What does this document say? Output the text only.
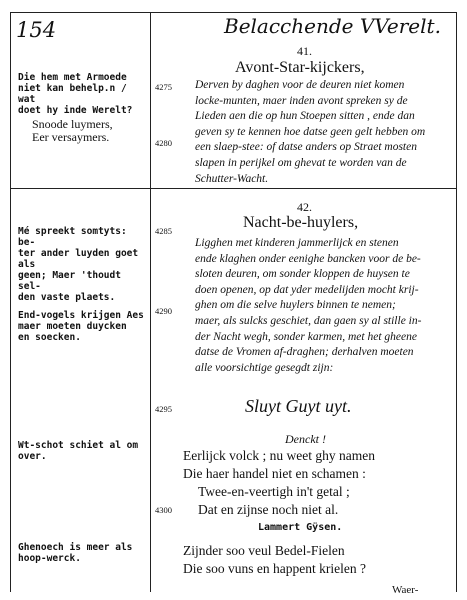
154	Belacchende VVerelt.
Die hem met Armoede
niet kan behelp.n / wat
doet hy inde Werelt?
Snoode luymers,
Eer versaymers.
Mé spreekt somtyts: be-
ter ander luyden goet als
geen; Maer 'thoudt sel-
den vaste plaets.
End-vogels krijgen Aes
maer moeten duycken
en soecken.
Wt-schot schiet al om
over.
Ghenoech is meer als
hoop-werck.
4275
4280
4285
4290
4295
4300
41.
Avont-Star-kijckers,
Derven by daghen voor de deuren niet komen
locke-munten, maer inden avont spreken sy de
Lieden aen die op hun Stoepen sitten , ende dan
geven sy te kennen hoe datse geen gelt hebben om
een slaep-stee: of datse anders op Straet mosten
slapen in perijkel om ghevat te worden van de
Schutter-Wacht.
42.
Nacht-be-huylers,
Ligghen met kinderen jammerlijck en stenen
ende klaghen onder eenighe bancken voor de be-
sloten deuren, om sonder kloppen de huysen te
doen openen, op dat yder medelijden mocht krij-
ghen om die selve huylers binnen te nemen;
maer, als sulcks geschiet, dan gaen sy al stille in-
der Nacht wegh, sonder karmen, met het gheene
datse de Vromen af-draghen; derhalven moeten
alle voorsichtige gesegdt zijn:
Sluyt Guyt uyt.
Denckt !
Eerlijck volck ; nu weet ghy namen
Die haer handel niet en schamen :
Twee-en-veertigh in't getal ;
Dat en zijnse noch niet al.
Lammert Gÿsen.
Zijnder soo veul Bedel-Fielen
Die soo vuns en happent krielen ?
Waer-
